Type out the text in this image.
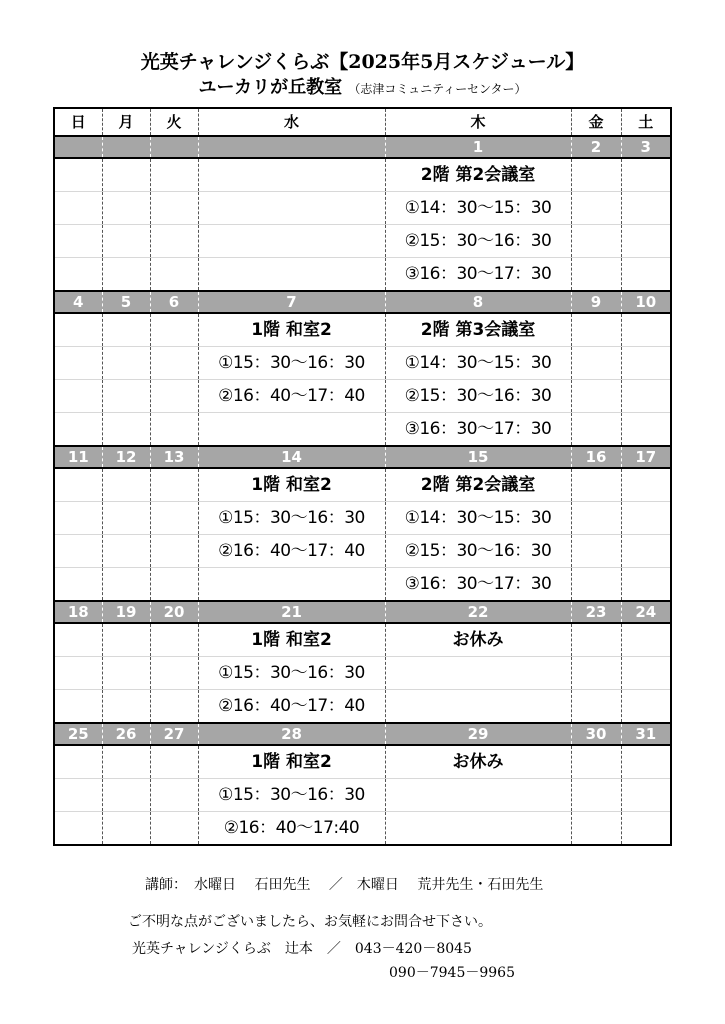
光英チャレンジくらぶ【2025年5月スケジュール】
ユーカリが丘教室 （志津コミュニティーセンター）
日	月	火	水	木	金	土
				1	2	3
				2階 第2会議室		
				①14：30〜15：30		
				②15：30〜16：30		
				③16：30〜17：30		
4	5	6	7	8	9	10
			1階 和室2	2階 第3会議室		
			①15：30〜16：30	①14：30〜15：30		
			②16：40〜17：40	②15：30〜16：30		
				③16：30〜17：30		
11	12	13	14	15	16	17
			1階 和室2	2階 第2会議室		
			①15：30〜16：30	①14：30〜15：30		
			②16：40〜17：40	②15：30〜16：30		
				③16：30〜17：30		
18	19	20	21	22	23	24
			1階 和室2	お休み		
			①15：30〜16：30			
			②16：40〜17：40			
25	26	27	28	29	30	31
			1階 和室2	お休み		
			①15：30〜16：30			
			②16：40〜17:40			
講師：　水曜日　 石田先生 　／　木曜日　 荒井先生・石田先生
ご不明な点がございましたら、お気軽にお問合せ下さい。
光英チャレンジくらぶ　辻本　／　043－420－8045
090－7945－9965
